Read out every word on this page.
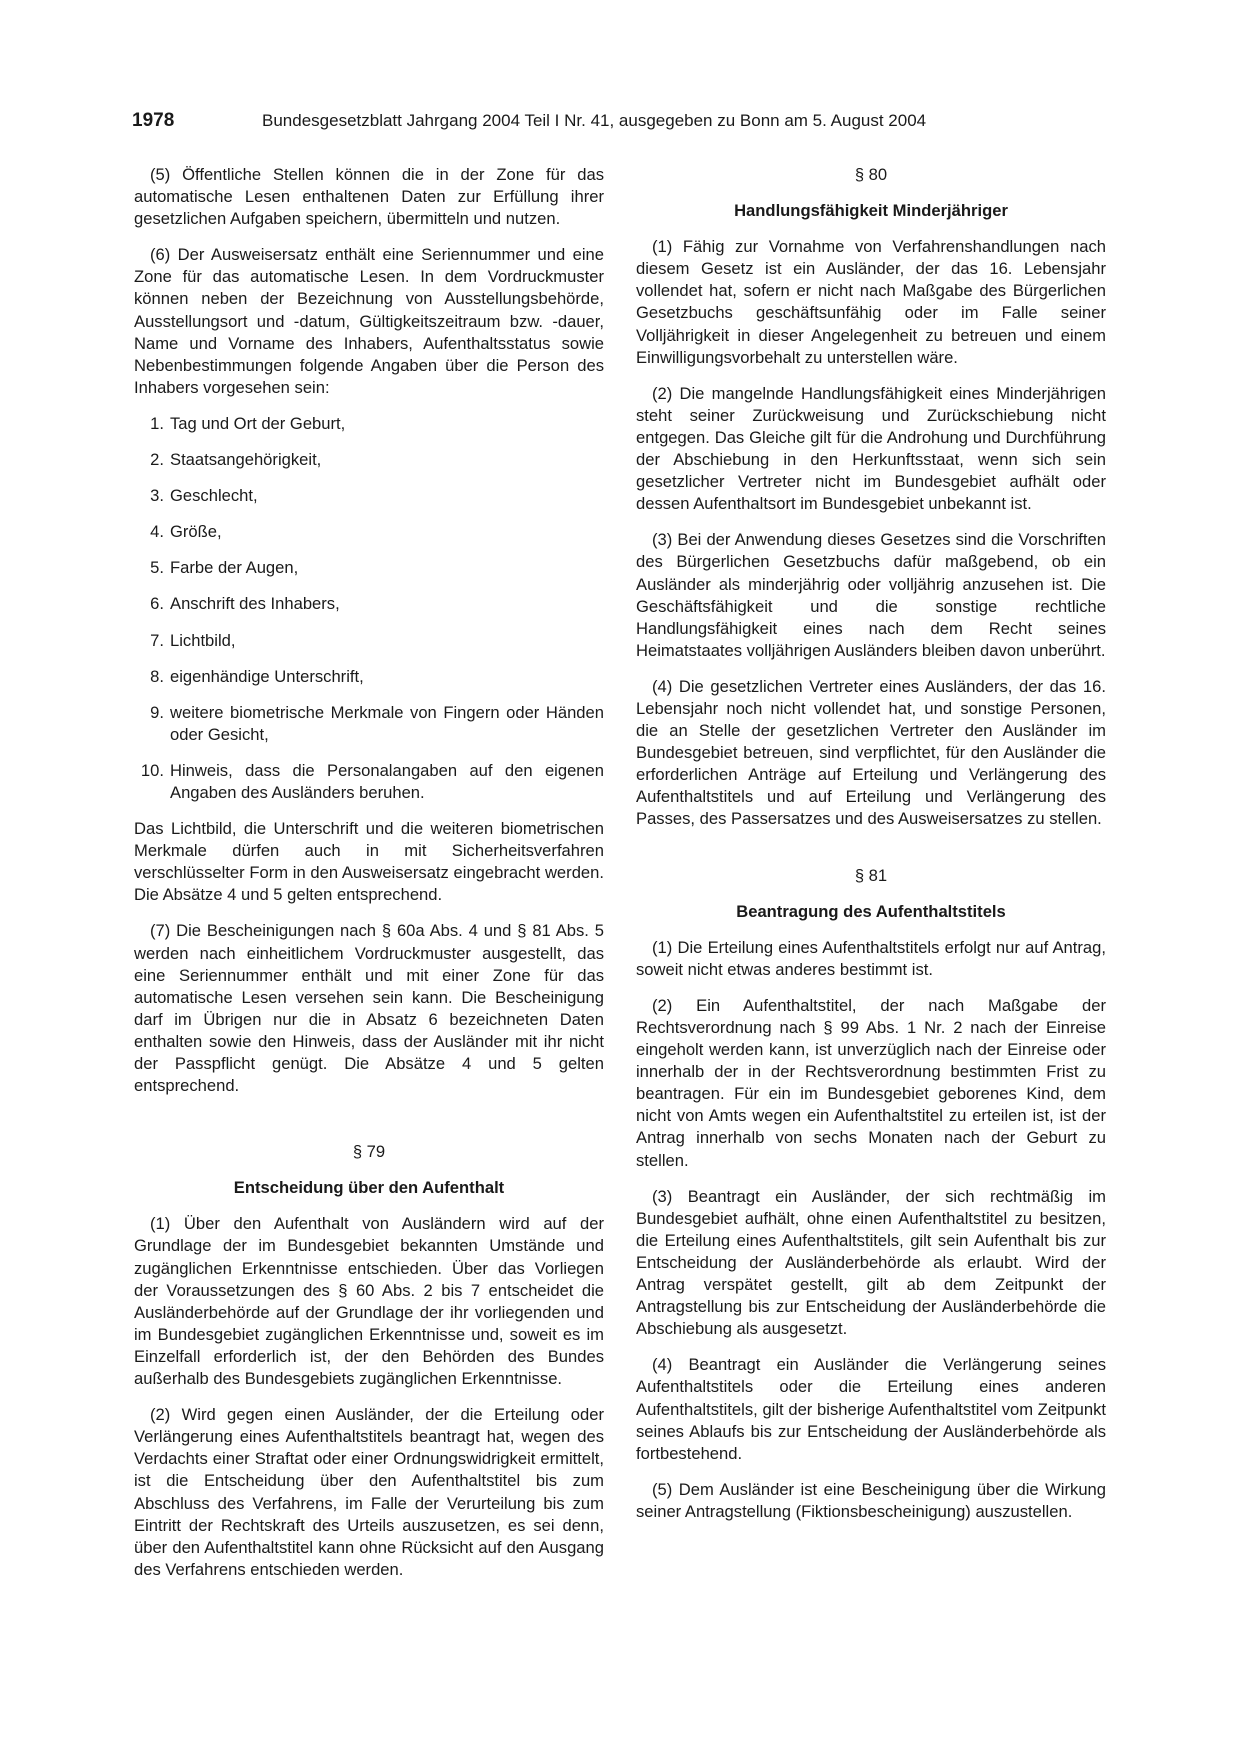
1978	Bundesgesetzblatt Jahrgang 2004 Teil I Nr. 41, ausgegeben zu Bonn am 5. August 2004

(5) Öffentliche Stellen können die in der Zone für das automatische Lesen enthaltenen Daten zur Erfüllung ihrer gesetzlichen Aufgaben speichern, übermitteln und nutzen.

(6) Der Ausweisersatz enthält eine Seriennummer und eine Zone für das automatische Lesen. In dem Vordruckmuster können neben der Bezeichnung von Ausstellungsbehörde, Ausstellungsort und -datum, Gültigkeitszeitraum bzw. -dauer, Name und Vorname des Inhabers, Aufenthaltsstatus sowie Nebenbestimmungen folgende Angaben über die Person des Inhabers vorgesehen sein:

1. Tag und Ort der Geburt,
2. Staatsangehörigkeit,
3. Geschlecht,
4. Größe,
5. Farbe der Augen,
6. Anschrift des Inhabers,
7. Lichtbild,
8. eigenhändige Unterschrift,
9. weitere biometrische Merkmale von Fingern oder Händen oder Gesicht,
10. Hinweis, dass die Personalangaben auf den eigenen Angaben des Ausländers beruhen.

Das Lichtbild, die Unterschrift und die weiteren biometrischen Merkmale dürfen auch in mit Sicherheitsverfahren verschlüsselter Form in den Ausweisersatz eingebracht werden. Die Absätze 4 und 5 gelten entsprechend.

(7) Die Bescheinigungen nach § 60a Abs. 4 und § 81 Abs. 5 werden nach einheitlichem Vordruckmuster ausgestellt, das eine Seriennummer enthält und mit einer Zone für das automatische Lesen versehen sein kann. Die Bescheinigung darf im Übrigen nur die in Absatz 6 bezeichneten Daten enthalten sowie den Hinweis, dass der Ausländer mit ihr nicht der Passpflicht genügt. Die Absätze 4 und 5 gelten entsprechend.

§ 79
Entscheidung über den Aufenthalt

(1) Über den Aufenthalt von Ausländern wird auf der Grundlage der im Bundesgebiet bekannten Umstände und zugänglichen Erkenntnisse entschieden. Über das Vorliegen der Voraussetzungen des § 60 Abs. 2 bis 7 entscheidet die Ausländerbehörde auf der Grundlage der ihr vorliegenden und im Bundesgebiet zugänglichen Erkenntnisse und, soweit es im Einzelfall erforderlich ist, der den Behörden des Bundes außerhalb des Bundesgebiets zugänglichen Erkenntnisse.

(2) Wird gegen einen Ausländer, der die Erteilung oder Verlängerung eines Aufenthaltstitels beantragt hat, wegen des Verdachts einer Straftat oder einer Ordnungswidrigkeit ermittelt, ist die Entscheidung über den Aufenthaltstitel bis zum Abschluss des Verfahrens, im Falle der Verurteilung bis zum Eintritt der Rechtskraft des Urteils auszusetzen, es sei denn, über den Aufenthaltstitel kann ohne Rücksicht auf den Ausgang des Verfahrens entschieden werden.

§ 80
Handlungsfähigkeit Minderjähriger

(1) Fähig zur Vornahme von Verfahrenshandlungen nach diesem Gesetz ist ein Ausländer, der das 16. Lebensjahr vollendet hat, sofern er nicht nach Maßgabe des Bürgerlichen Gesetzbuchs geschäftsunfähig oder im Falle seiner Volljährigkeit in dieser Angelegenheit zu betreuen und einem Einwilligungsvorbehalt zu unterstellen wäre.

(2) Die mangelnde Handlungsfähigkeit eines Minderjährigen steht seiner Zurückweisung und Zurückschiebung nicht entgegen. Das Gleiche gilt für die Androhung und Durchführung der Abschiebung in den Herkunftsstaat, wenn sich sein gesetzlicher Vertreter nicht im Bundesgebiet aufhält oder dessen Aufenthaltsort im Bundesgebiet unbekannt ist.

(3) Bei der Anwendung dieses Gesetzes sind die Vorschriften des Bürgerlichen Gesetzbuchs dafür maßgebend, ob ein Ausländer als minderjährig oder volljährig anzusehen ist. Die Geschäftsfähigkeit und die sonstige rechtliche Handlungsfähigkeit eines nach dem Recht seines Heimatstaates volljährigen Ausländers bleiben davon unberührt.

(4) Die gesetzlichen Vertreter eines Ausländers, der das 16. Lebensjahr noch nicht vollendet hat, und sonstige Personen, die an Stelle der gesetzlichen Vertreter den Ausländer im Bundesgebiet betreuen, sind verpflichtet, für den Ausländer die erforderlichen Anträge auf Erteilung und Verlängerung des Aufenthaltstitels und auf Erteilung und Verlängerung des Passes, des Passersatzes und des Ausweisersatzes zu stellen.

§ 81
Beantragung des Aufenthaltstitels

(1) Die Erteilung eines Aufenthaltstitels erfolgt nur auf Antrag, soweit nicht etwas anderes bestimmt ist.

(2) Ein Aufenthaltstitel, der nach Maßgabe der Rechtsverordnung nach § 99 Abs. 1 Nr. 2 nach der Einreise eingeholt werden kann, ist unverzüglich nach der Einreise oder innerhalb der in der Rechtsverordnung bestimmten Frist zu beantragen. Für ein im Bundesgebiet geborenes Kind, dem nicht von Amts wegen ein Aufenthaltstitel zu erteilen ist, ist der Antrag innerhalb von sechs Monaten nach der Geburt zu stellen.

(3) Beantragt ein Ausländer, der sich rechtmäßig im Bundesgebiet aufhält, ohne einen Aufenthaltstitel zu besitzen, die Erteilung eines Aufenthaltstitels, gilt sein Aufenthalt bis zur Entscheidung der Ausländerbehörde als erlaubt. Wird der Antrag verspätet gestellt, gilt ab dem Zeitpunkt der Antragstellung bis zur Entscheidung der Ausländerbehörde die Abschiebung als ausgesetzt.

(4) Beantragt ein Ausländer die Verlängerung seines Aufenthaltstitels oder die Erteilung eines anderen Aufenthaltstitels, gilt der bisherige Aufenthaltstitel vom Zeitpunkt seines Ablaufs bis zur Entscheidung der Ausländerbehörde als fortbestehend.

(5) Dem Ausländer ist eine Bescheinigung über die Wirkung seiner Antragstellung (Fiktionsbescheinigung) auszustellen.
